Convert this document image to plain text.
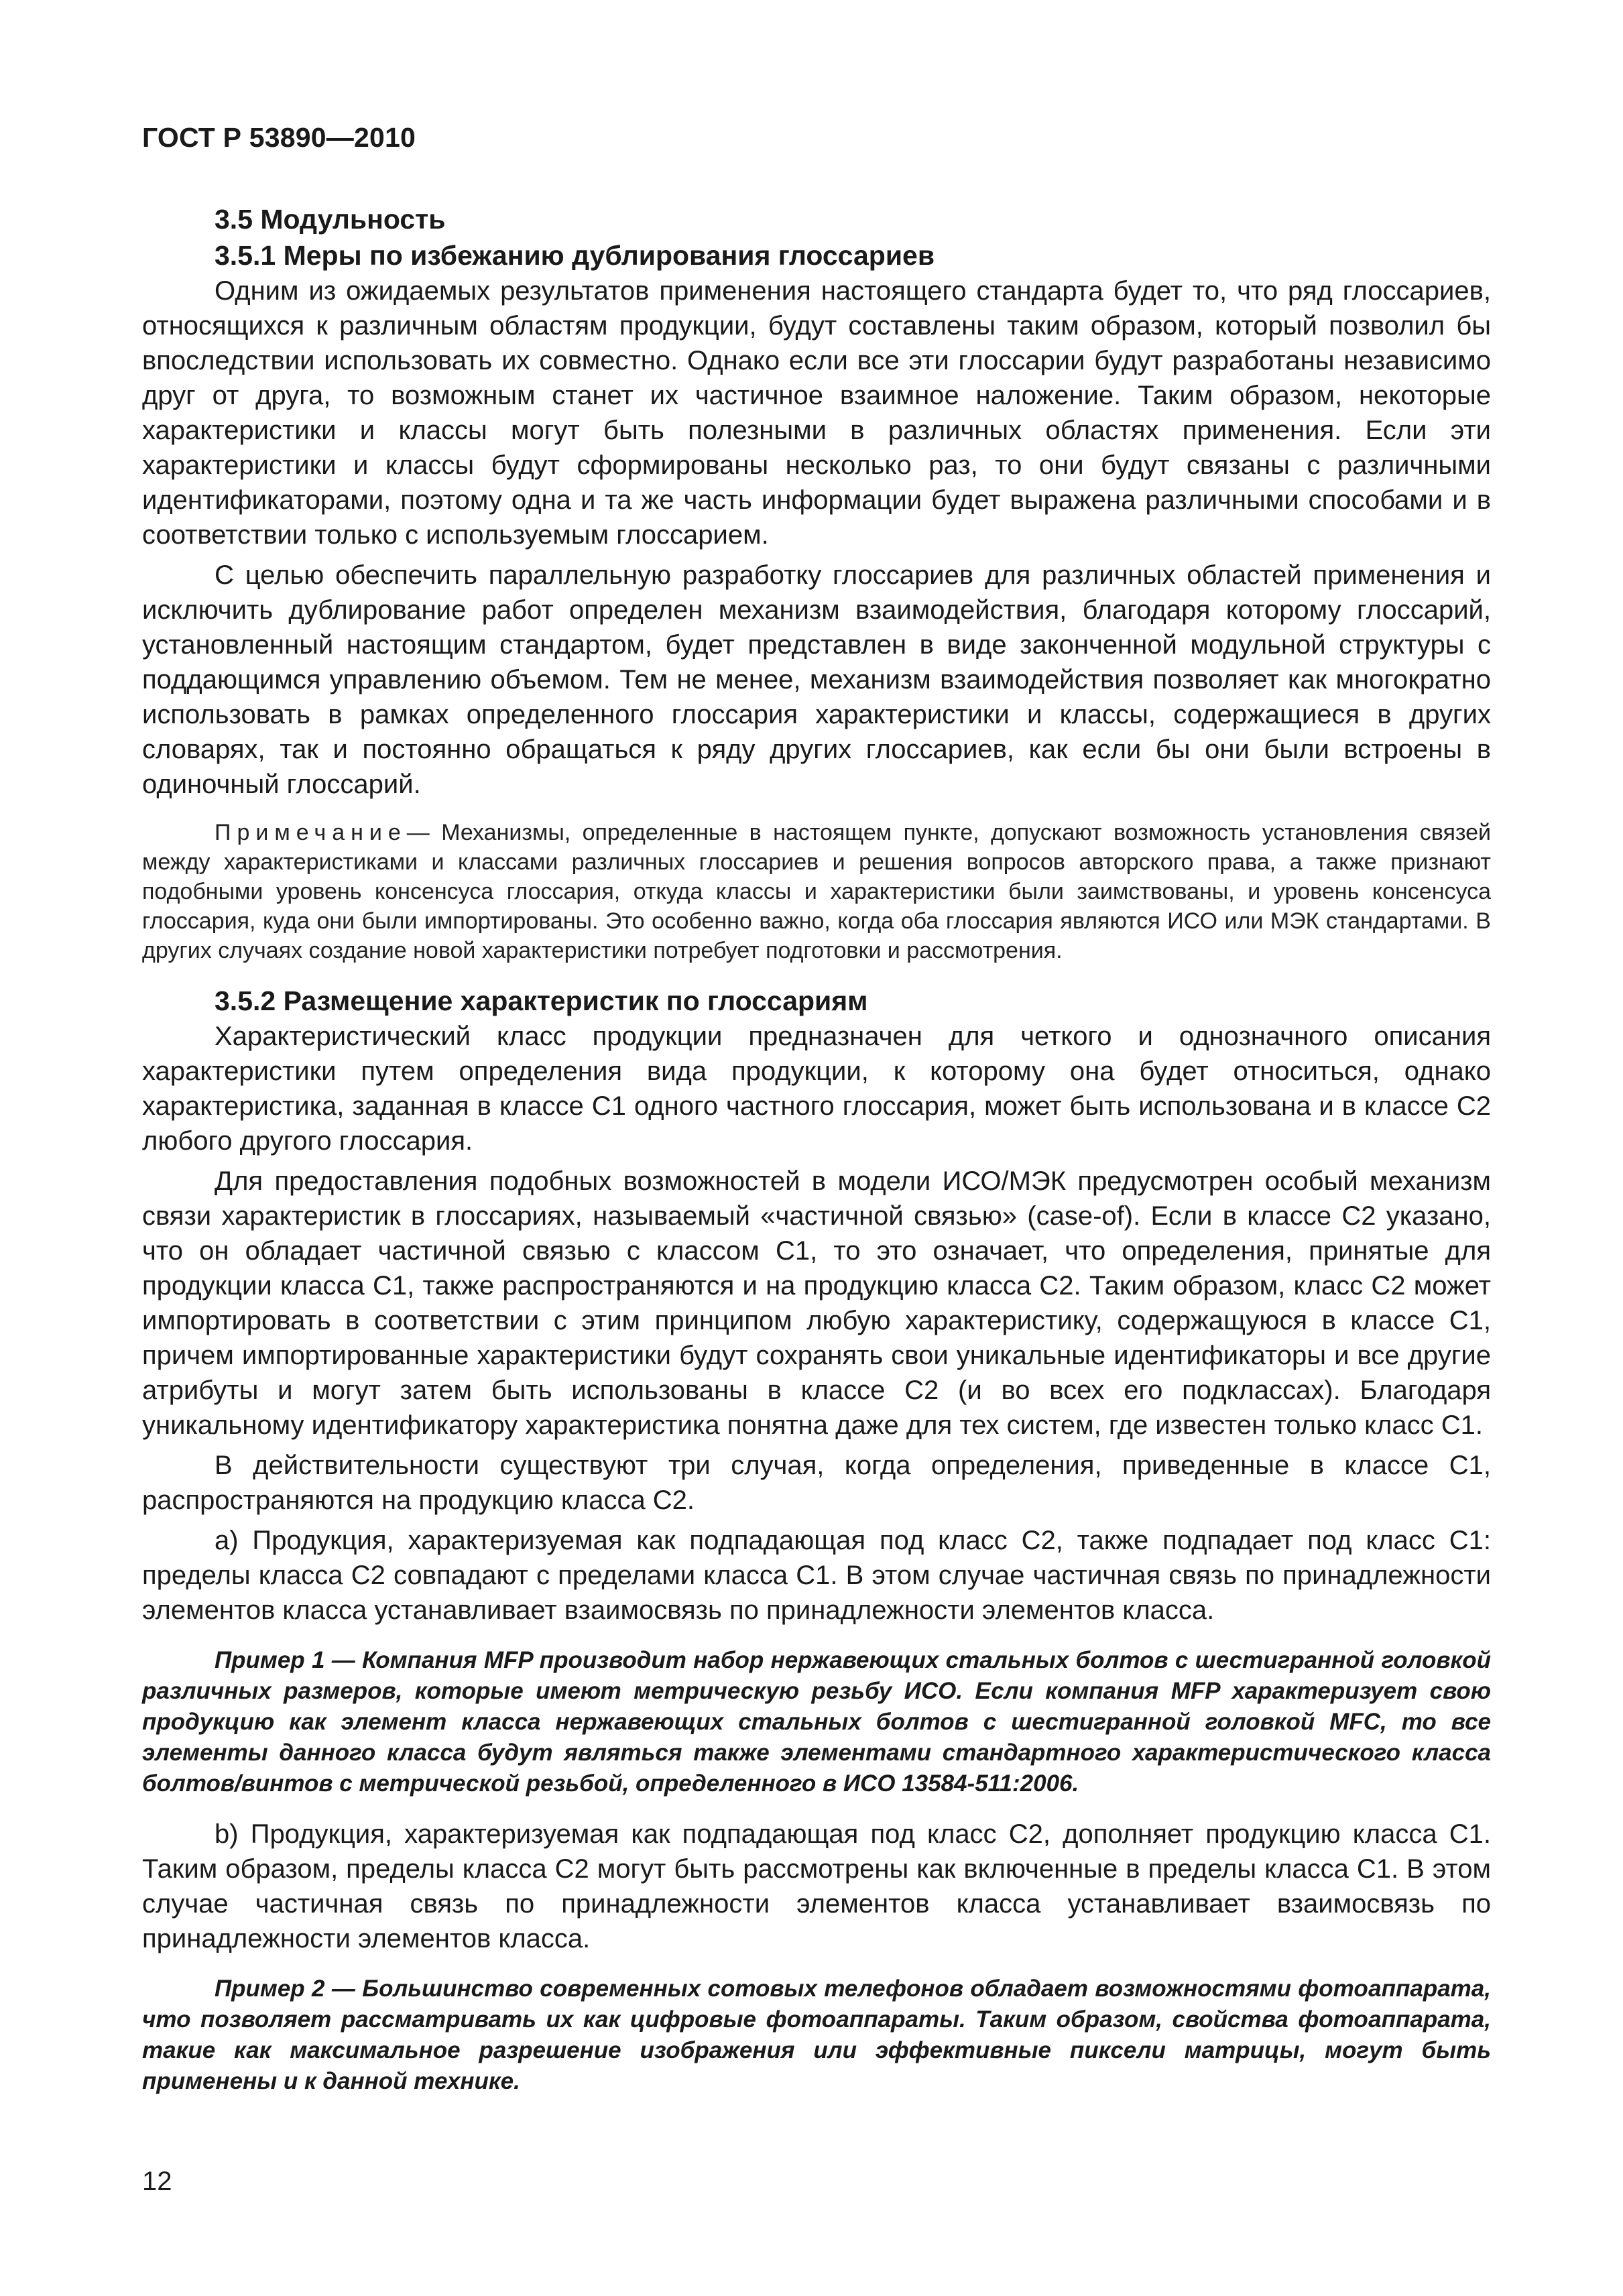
ГОСТ Р 53890—2010

3.5 Модульность

3.5.1 Меры по избежанию дублирования глоссариев

Одним из ожидаемых результатов применения настоящего стандарта будет то, что ряд глоссариев, относящихся к различным областям продукции, будут составлены таким образом, который позволил бы впоследствии использовать их совместно. Однако если все эти глоссарии будут разработаны независимо друг от друга, то возможным станет их частичное взаимное наложение. Таким образом, некоторые характеристики и классы могут быть полезными в различных областях применения. Если эти характеристики и классы будут сформированы несколько раз, то они будут связаны с различными идентификаторами, поэтому одна и та же часть информации будет выражена различными способами и в соответствии только с используемым глоссарием.

С целью обеспечить параллельную разработку глоссариев для различных областей применения и исключить дублирование работ определен механизм взаимодействия, благодаря которому глоссарий, установленный настоящим стандартом, будет представлен в виде законченной модульной структуры с поддающимся управлению объемом. Тем не менее, механизм взаимодействия позволяет как многократно использовать в рамках определенного глоссария характеристики и классы, содержащиеся в других словарях, так и постоянно обращаться к ряду других глоссариев, как если бы они были встроены в одиночный глоссарий.

Примечание— Механизмы, определенные в настоящем пункте, допускают возможность установления связей между характеристиками и классами различных глоссариев и решения вопросов авторского права, а также признают подобными уровень консенсуса глоссария, откуда классы и характеристики были заимствованы, и уровень консенсуса глоссария, куда они были импортированы. Это особенно важно, когда оба глоссария являются ИСО или МЭК стандартами. В других случаях создание новой характеристики потребует подготовки и рассмотрения.

3.5.2 Размещение характеристик по глоссариям

Характеристический класс продукции предназначен для четкого и однозначного описания характеристики путем определения вида продукции, к которому она будет относиться, однако характеристика, заданная в классе С1 одного частного глоссария, может быть использована и в классе С2 любого другого глоссария.

Для предоставления подобных возможностей в модели ИСО/МЭК предусмотрен особый механизм связи характеристик в глоссариях, называемый «частичной связью» (case-of). Если в классе С2 указано, что он обладает частичной связью с классом С1, то это означает, что определения, принятые для продукции класса С1, также распространяются и на продукцию класса С2. Таким образом, класс С2 может импортировать в соответствии с этим принципом любую характеристику, содержащуюся в классе С1, причем импортированные характеристики будут сохранять свои уникальные идентификаторы и все другие атрибуты и могут затем быть использованы в классе С2 (и во всех его подклассах). Благодаря уникальному идентификатору характеристика понятна даже для тех систем, где известен только класс С1.

В действительности существуют три случая, когда определения, приведенные в классе С1, распространяются на продукцию класса С2.

a) Продукция, характеризуемая как подпадающая под класс С2, также подпадает под класс С1: пределы класса С2 совпадают с пределами класса С1. В этом случае частичная связь по принадлежности элементов класса устанавливает взаимосвязь по принадлежности элементов класса.

Пример 1 — Компания MFP производит набор нержавеющих стальных болтов с шестигранной головкой различных размеров, которые имеют метрическую резьбу ИСО. Если компания MFP характеризует свою продукцию как элемент класса нержавеющих стальных болтов с шестигранной головкой MFC, то все элементы данного класса будут являться также элементами стандартного характеристического класса болтов/винтов с метрической резьбой, определенного в ИСО 13584-511:2006.

b) Продукция, характеризуемая как подпадающая под класс С2, дополняет продукцию класса С1. Таким образом, пределы класса С2 могут быть рассмотрены как включенные в пределы класса С1. В этом случае частичная связь по принадлежности элементов класса устанавливает взаимосвязь по принадлежности элементов класса.

Пример 2 — Большинство современных сотовых телефонов обладает возможностями фотоаппарата, что позволяет рассматривать их как цифровые фотоаппараты. Таким образом, свойства фотоаппарата, такие как максимальное разрешение изображения или эффективные пиксели матрицы, могут быть применены и к данной технике.

12
